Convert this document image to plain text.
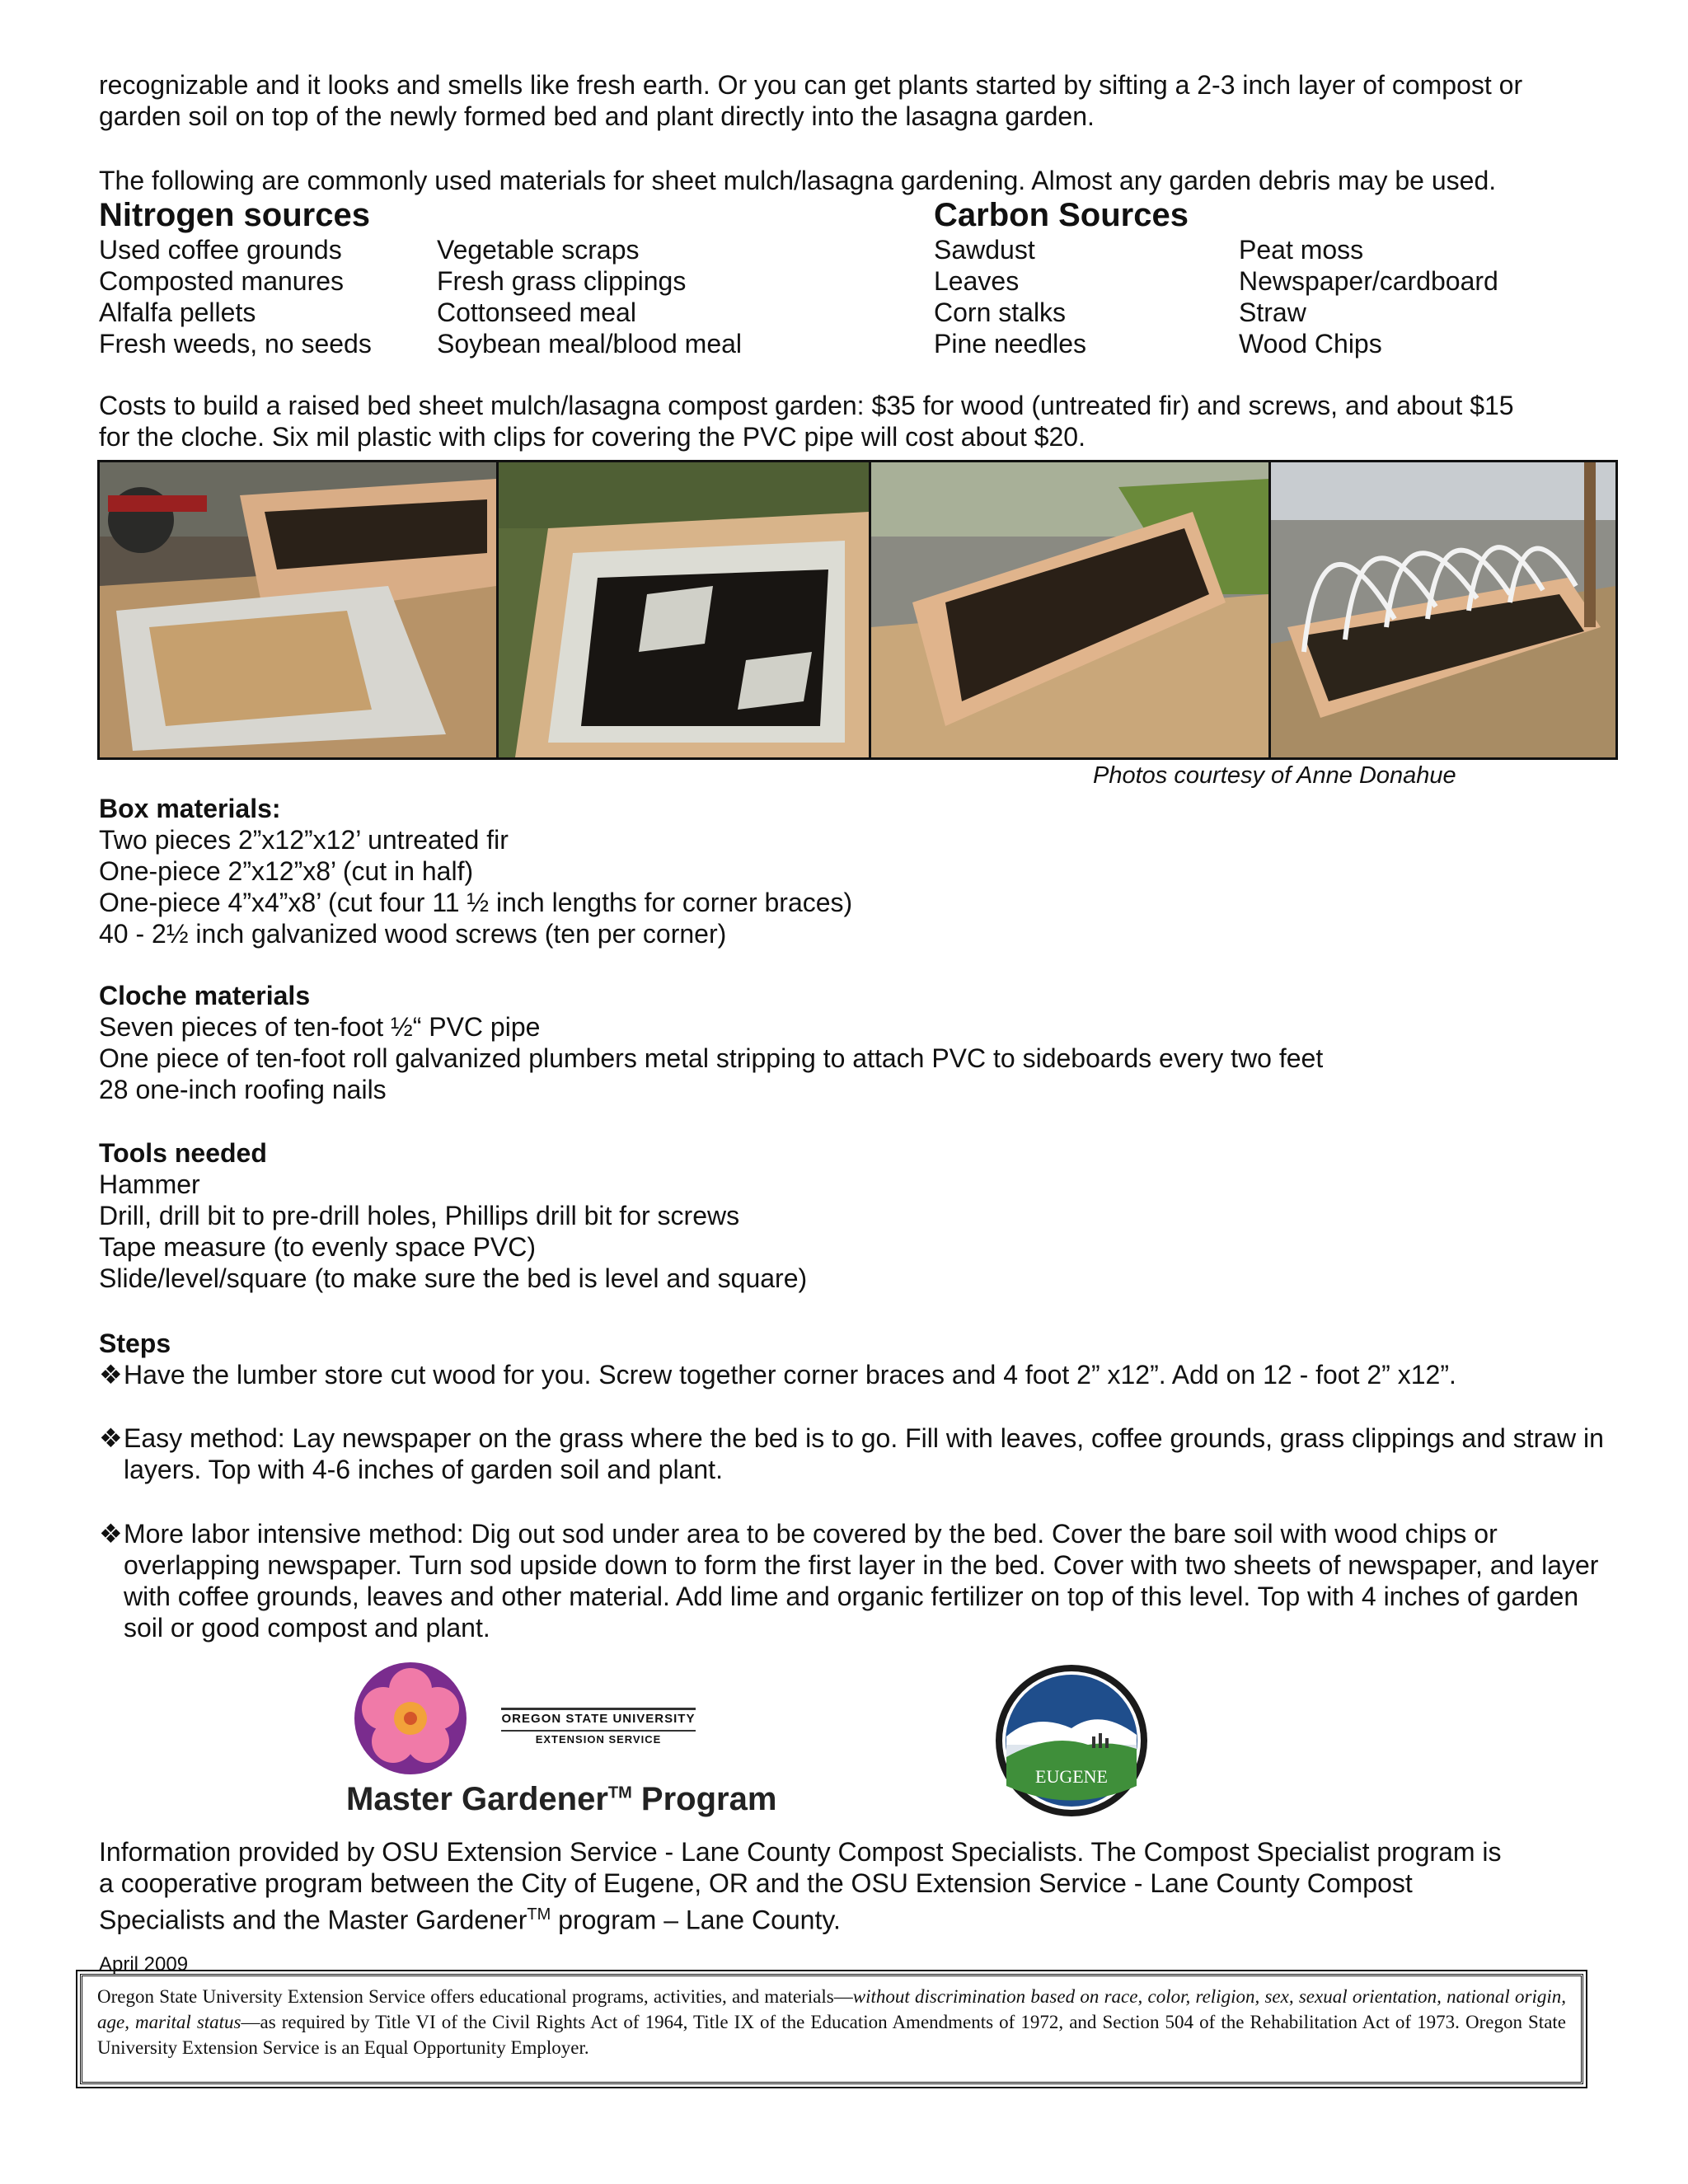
recognizable and it looks and smells like fresh earth. Or you can get plants started by sifting a 2-3 inch layer of compost or
garden soil on top of the newly formed bed and plant directly into the lasagna garden.
The following are commonly used materials for sheet mulch/lasagna gardening. Almost any garden debris may be used.
Nitrogen sources
Used coffee grounds
Composted manures
Alfalfa pellets
Fresh weeds, no seeds
Vegetable scraps
Fresh grass clippings
Cottonseed meal
Soybean meal/blood meal
Carbon Sources
Sawdust
Leaves
Corn stalks
Pine needles
Peat moss
Newspaper/cardboard
Straw
Wood Chips
Costs to build a raised bed sheet mulch/lasagna compost garden: $35 for wood (untreated fir) and screws, and about $15
for the cloche. Six mil plastic with clips for covering the PVC pipe will cost about $20.
Photos courtesy of Anne Donahue
Box materials:
Two pieces 2”x12”x12’ untreated fir
One-piece 2”x12”x8’ (cut in half)
One-piece 4”x4”x8’ (cut four 11 ½ inch lengths for corner braces)
40 - 2½ inch galvanized wood screws (ten per corner)
Cloche materials
Seven pieces of ten-foot ½“ PVC pipe
One piece of ten-foot roll galvanized plumbers metal stripping to attach PVC to sideboards every two feet
28 one-inch roofing nails
Tools needed
Hammer
Drill, drill bit to pre-drill holes, Phillips drill bit for screws
Tape measure (to evenly space PVC)
Slide/level/square (to make sure the bed is level and square)
Steps
❖ Have the lumber store cut wood for you. Screw together corner braces and 4 foot 2” x12”. Add on 12 - foot 2” x12”.
❖ Easy method: Lay newspaper on the grass where the bed is to go. Fill with leaves, coffee grounds, grass clippings and straw in layers. Top with 4-6 inches of garden soil and plant.
❖ More labor intensive method: Dig out sod under area to be covered by the bed. Cover the bare soil with wood chips or overlapping newspaper. Turn sod upside down to form the first layer in the bed. Cover with two sheets of newspaper, and layer with coffee grounds, leaves and other material. Add lime and organic fertilizer on top of this level. Top with 4 inches of garden soil or good compost and plant.
OREGON STATE UNIVERSITY
EXTENSION SERVICE
Master Gardener™ Program
EUGENE
Information provided by OSU Extension Service - Lane County Compost Specialists. The Compost Specialist program is
a cooperative program between the City of Eugene, OR and the OSU Extension Service - Lane County Compost
Specialists and the Master Gardener™ program – Lane County.
April 2009
Oregon State University Extension Service offers educational programs, activities, and materials—without discrimination based on race, color, religion, sex, sexual orientation, national origin, age, marital status—as required by Title VI of the Civil Rights Act of 1964, Title IX of the Education Amendments of 1972, and Section 504 of the Rehabilitation Act of 1973. Oregon State University Extension Service is an Equal Opportunity Employer.
